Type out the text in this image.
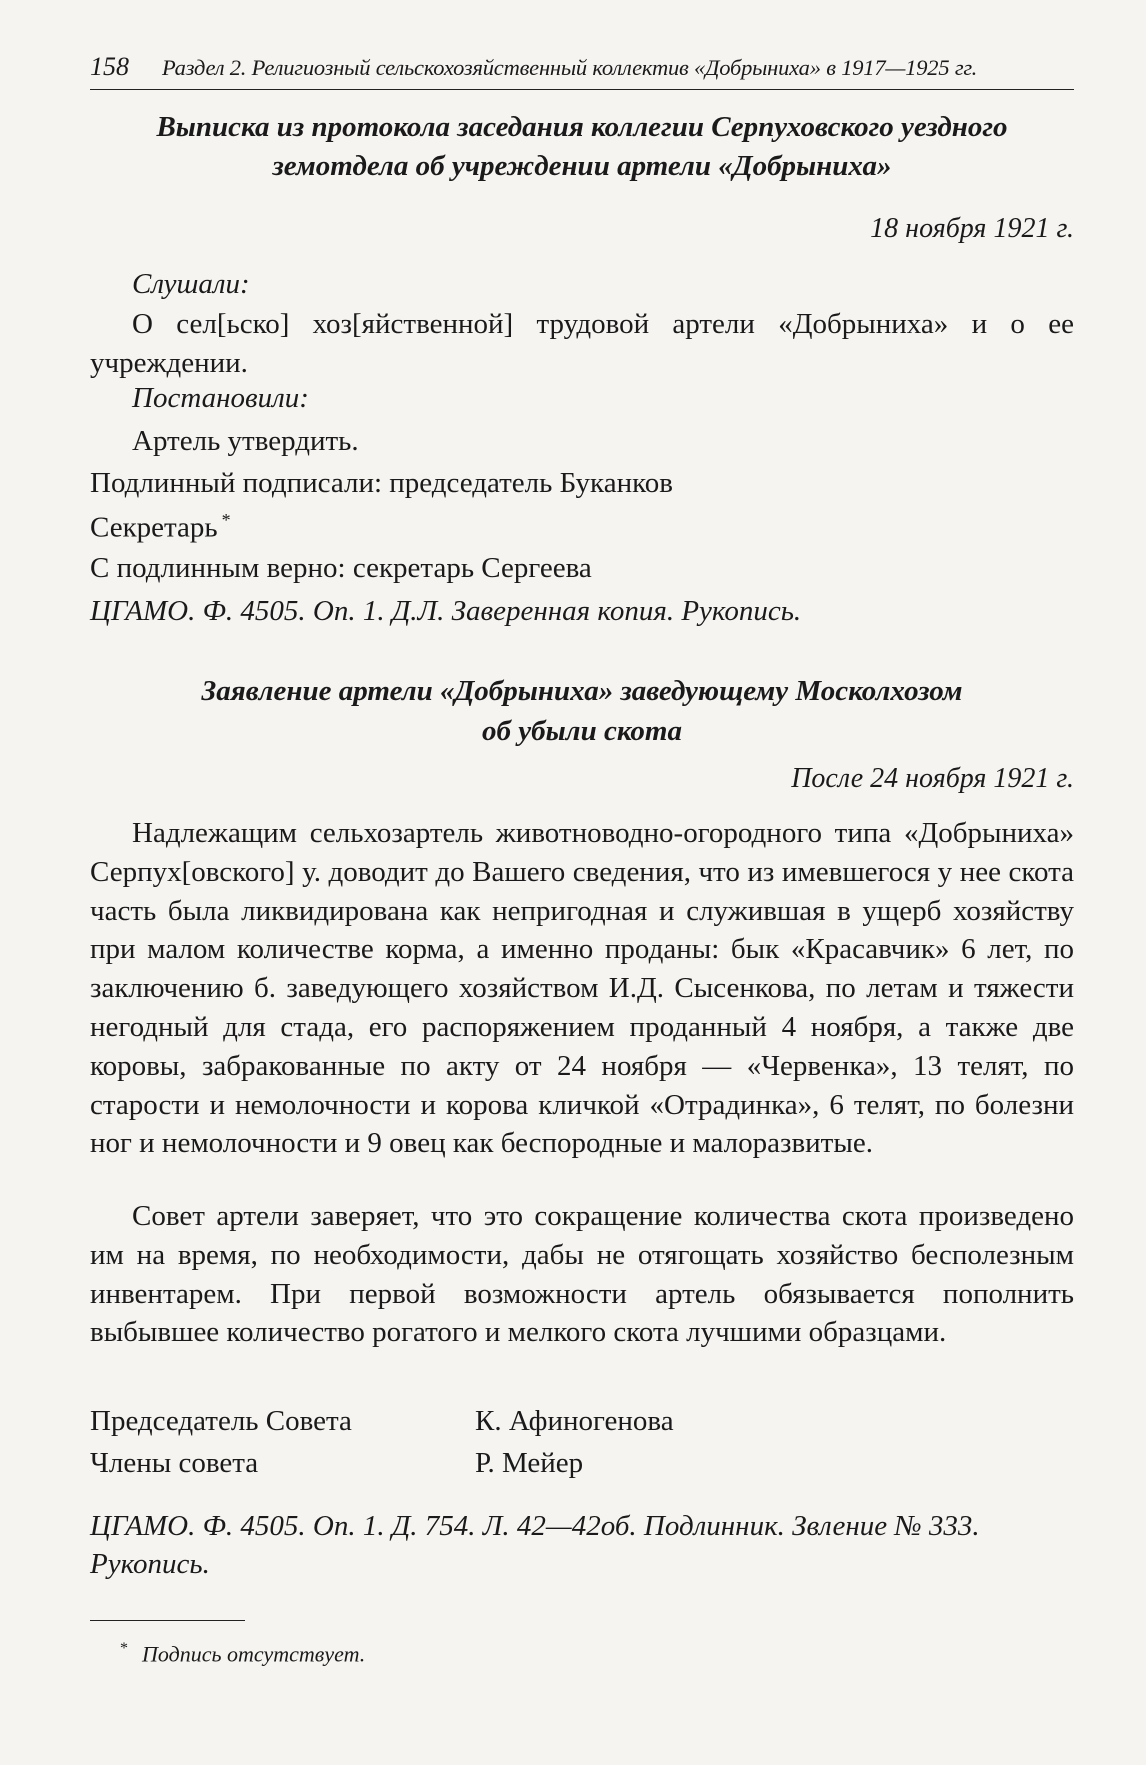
158 Раздел 2. Религиозный сельскохозяйственный коллектив «Добрыниха» в 1917—1925 гг.
Выписка из протокола заседания коллегии Серпуховского уездного
земотдела об учреждении артели «Добрыниха»
18 ноября 1921 г.
Слушали:
О сел[ьско] хоз[яйственной] трудовой артели «Добрыниха» и о ее учреждении.
Постановили:
Артель утвердить.
Подлинный подписали: председатель Буканков
Секретарь *
С подлинным верно: секретарь Сергеева
ЦГАМО. Ф. 4505. Оп. 1. Д.Л. Заверенная копия. Рукопись.
Заявление артели «Добрыниха» заведующему Москолхозом
об убыли скота
После 24 ноября 1921 г.
Надлежащим сельхозартель животноводно-огородного типа «Добрыниха» Серпух[овского] у. доводит до Вашего сведения, что из имевшегося у нее скота часть была ликвидирована как непригодная и служившая в ущерб хозяйству при малом количестве корма, а именно проданы: бык «Красавчик» 6 лет, по заключению б. заведующего хозяйством И.Д. Сысенкова, по летам и тяжести негодный для стада, его распоряжением проданный 4 ноября, а также две коровы, забракованные по акту от 24 ноября — «Червенка», 13 телят, по старости и немолочности и корова кличкой «Отрадинка», 6 телят, по болезни ног и немолочности и 9 овец как беспородные и малоразвитые.
Совет артели заверяет, что это сокращение количества скота произведено им на время, по необходимости, дабы не отягощать хозяйство бесполезным инвентарем. При первой возможности артель обязывается пополнить выбывшее количество рогатого и мелкого скота лучшими образцами.
Председатель Совета	К. Афиногенова
Члены совета	Р. Мейер
ЦГАМО. Ф. 4505. Оп. 1. Д. 754. Л. 42—42об. Подлинник. Звление № 333.
Рукопись.
* Подпись отсутствует.
